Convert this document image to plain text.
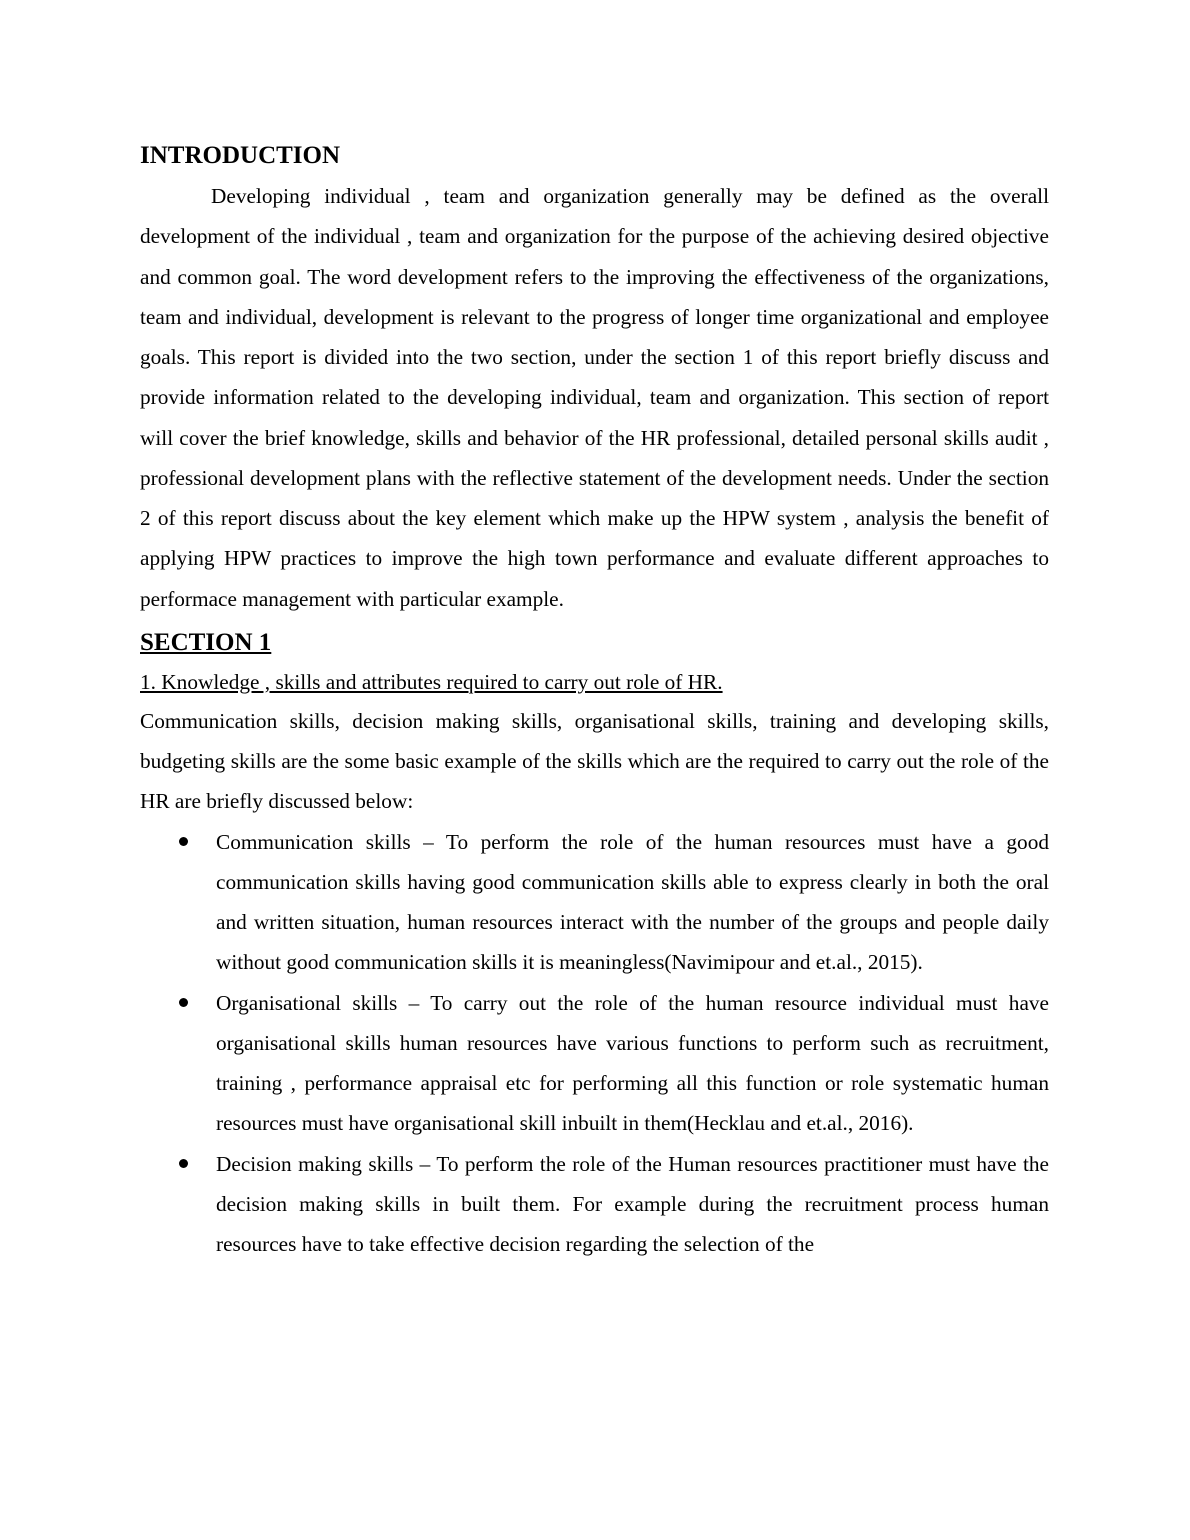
INTRODUCTION

Developing individual , team and organization generally may be defined as the overall development of the individual , team and organization for the purpose of the achieving desired objective and common goal. The word development refers to the improving the effectiveness of the organizations, team and individual, development is relevant to the progress of longer time organizational and employee goals. This report is divided into the two section, under the section 1 of this report briefly discuss and provide information related to the developing individual, team and organization. This section of report will cover the brief knowledge, skills and behavior of the HR professional, detailed personal skills audit , professional development plans with the reflective statement of the development needs. Under the section 2 of this report discuss about the key element which make up the HPW system , analysis the benefit of applying HPW practices to improve the high town performance and evaluate different approaches to performace management with particular example.

SECTION 1
1. Knowledge , skills and attributes required to carry out role of HR.

Communication skills, decision making skills, organisational skills, training and developing skills, budgeting skills are the some basic example of the skills which are the required to carry out the role of the HR are briefly discussed below:

Communication skills – To perform the role of the human resources must have a good communication skills having good communication skills able to express clearly in both the oral and written situation, human resources interact with the number of the groups and people daily without good communication skills it is meaningless(Navimipour and et.al., 2015).
Organisational skills – To carry out the role of the human resource individual must have organisational skills human resources have various functions to perform such as recruitment, training , performance appraisal etc for performing all this function or role systematic human resources must have organisational skill inbuilt in them(Hecklau and et.al., 2016).
Decision making skills – To perform the role of the Human resources practitioner must have the decision making skills in built them. For example during the recruitment process human resources have to take effective decision regarding the selection of the
